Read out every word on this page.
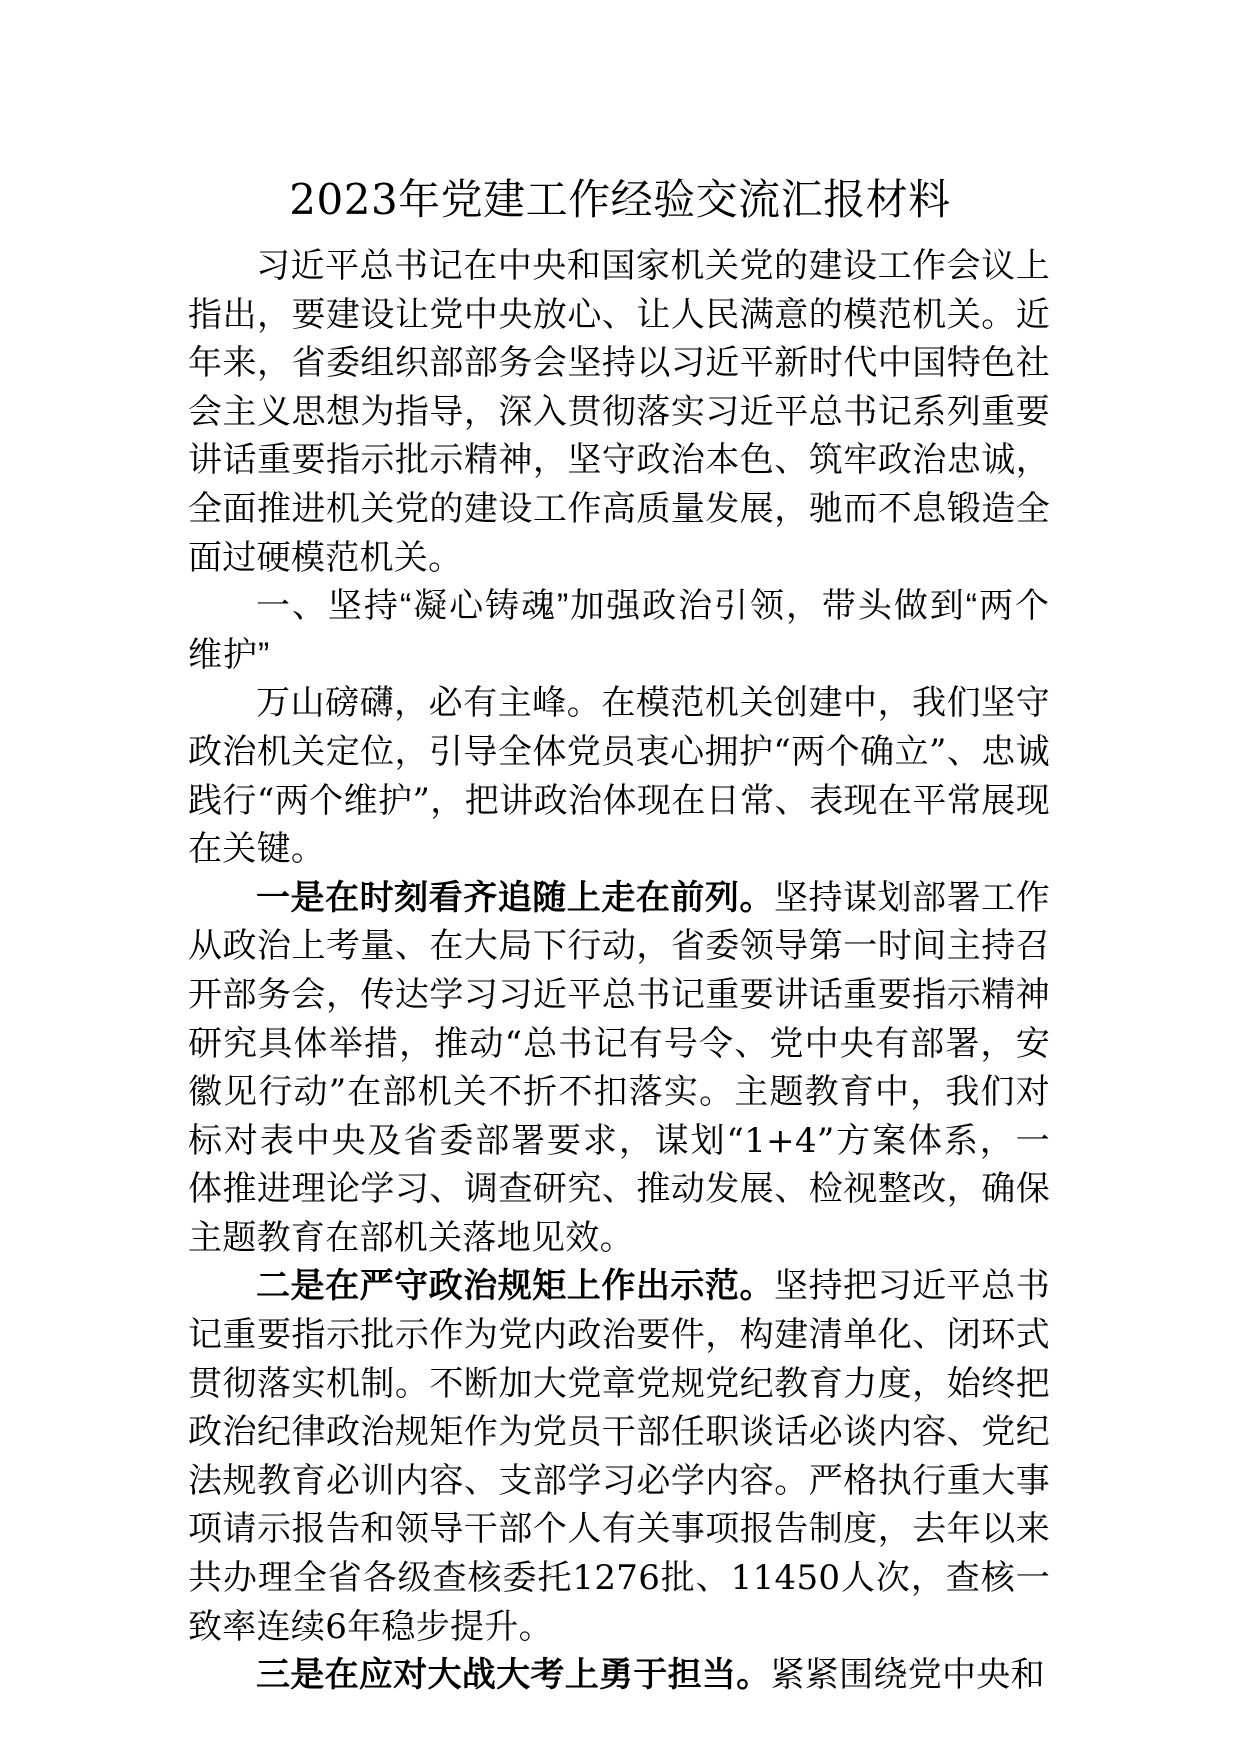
2023年党建工作经验交流汇报材料

习近平总书记在中央和国家机关党的建设工作会议上指出，要建设让党中央放心、让人民满意的模范机关。近年来，省委组织部部务会坚持以习近平新时代中国特色社会主义思想为指导，深入贯彻落实习近平总书记系列重要讲话重要指示批示精神，坚守政治本色、筑牢政治忠诚，全面推进机关党的建设工作高质量发展，驰而不息锻造全面过硬模范机关。

一、坚持“凝心铸魂”加强政治引领，带头做到“两个维护”

万山磅礴，必有主峰。在模范机关创建中，我们坚守政治机关定位，引导全体党员衷心拥护“两个确立”、忠诚践行“两个维护”，把讲政治体现在日常、表现在平常展现在关键。

一是在时刻看齐追随上走在前列。坚持谋划部署工作从政治上考量、在大局下行动，省委领导第一时间主持召开部务会，传达学习习近平总书记重要讲话重要指示精神研究具体举措，推动“总书记有号令、党中央有部署，安徽见行动”在部机关不折不扣落实。主题教育中，我们对标对表中央及省委部署要求，谋划“1+4”方案体系，一体推进理论学习、调查研究、推动发展、检视整改，确保主题教育在部机关落地见效。

二是在严守政治规矩上作出示范。坚持把习近平总书记重要指示批示作为党内政治要件，构建清单化、闭环式贯彻落实机制。不断加大党章党规党纪教育力度，始终把政治纪律政治规矩作为党员干部任职谈话必谈内容、党纪法规教育必训内容、支部学习必学内容。严格执行重大事项请示报告和领导干部个人有关事项报告制度，去年以来共办理全省各级查核委托1276批、11450人次，查核一致率连续6年稳步提升。

三是在应对大战大考上勇于担当。紧紧围绕党中央和
